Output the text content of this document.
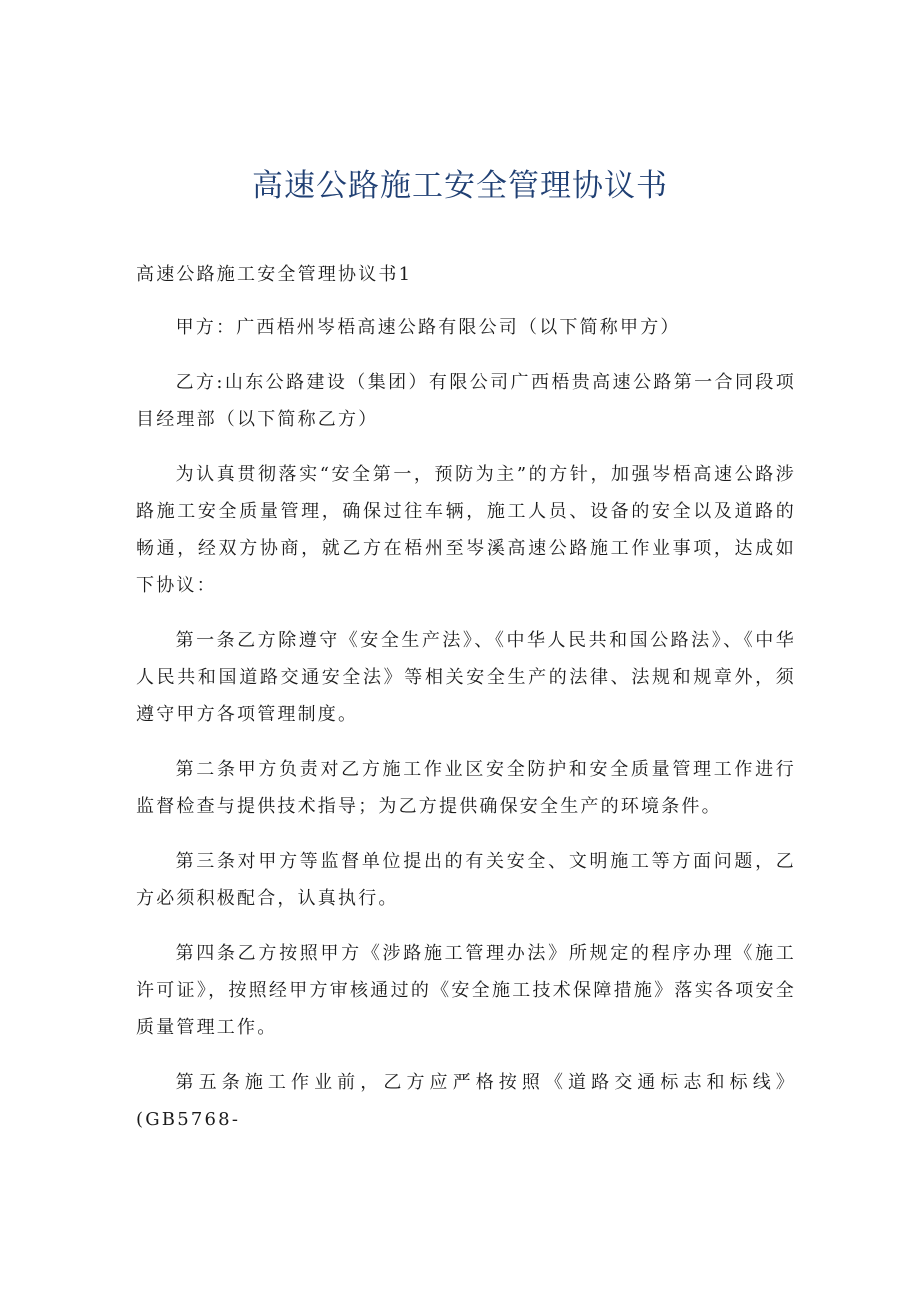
高速公路施工安全管理协议书

高速公路施工安全管理协议书1

甲方：广西梧州岑梧高速公路有限公司（以下简称甲方）

乙方:山东公路建设（集团）有限公司广西梧贵高速公路第一合同段项目经理部（以下简称乙方）

为认真贯彻落实“安全第一，预防为主”的方针，加强岑梧高速公路涉路施工安全质量管理，确保过往车辆，施工人员、设备的安全以及道路的畅通，经双方协商，就乙方在梧州至岑溪高速公路施工作业事项，达成如下协议：

第一条乙方除遵守《安全生产法》、《中华人民共和国公路法》、《中华人民共和国道路交通安全法》等相关安全生产的法律、法规和规章外，须遵守甲方各项管理制度。

第二条甲方负责对乙方施工作业区安全防护和安全质量管理工作进行监督检查与提供技术指导；为乙方提供确保安全生产的环境条件。

第三条对甲方等监督单位提出的有关安全、文明施工等方面问题，乙方必须积极配合，认真执行。

第四条乙方按照甲方《涉路施工管理办法》所规定的程序办理《施工许可证》，按照经甲方审核通过的《安全施工技术保障措施》落实各项安全质量管理工作。

第五条施工作业前，乙方应严格按照《道路交通标志和标线》(GB5768-
